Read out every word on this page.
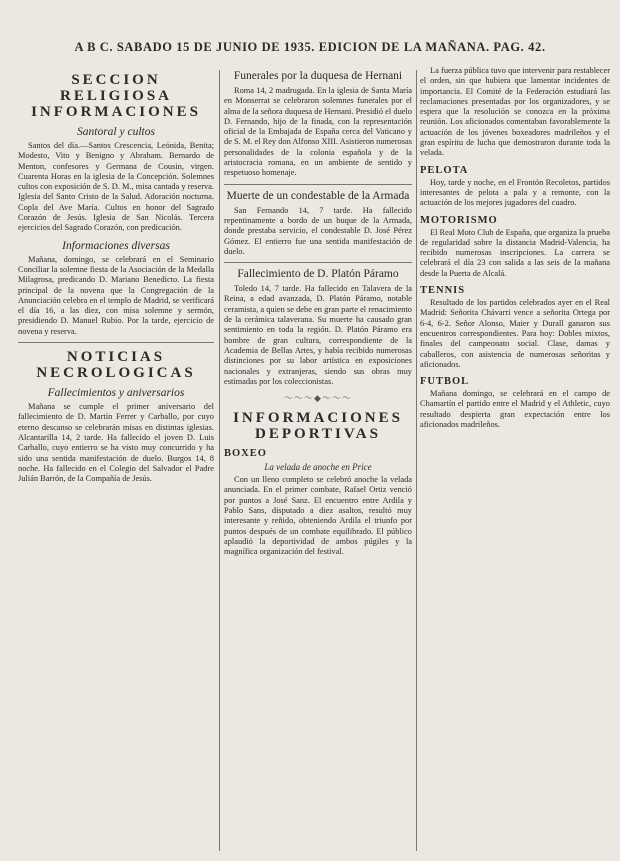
A B C. SABADO 15 DE JUNIO DE 1935. EDICION DE LA MAÑANA. PAG. 42.
SECCION RELIGIOSA INFORMACIONES
Santoral y cultos

Santos del día.—Santos Crescencia, Leónida, Benita; Modesto, Vito y Benigno y Abraham. Bernardo de Menton, confesores y Germana de Cousin, virgen. Cuarenta Horas en la iglesia de la Concepción. Solemnes cultos con exposición de S. D. M., misa cantada y reserva. Iglesia del Santo Cristo de la Salud. Adoración nocturna. Copla del Ave María. Cultos en honor del Sagrado Corazón de Jesús. Iglesia de San Nicolás. Tercera ejercicios del Sagrado Corazón, con predicación.

Informaciones diversas

Mañana, domingo, se celebrará en el Seminario Conciliar la solemne fiesta de la Asociación de la Medalla Milagrosa, predicando D. Mariano Benedicto. La fiesta principal de la novena que la Congregación de la Anunciación celebra en el templo de Madrid, se verificará el día 16, a las diez, con misa solemne y sermón, presidiendo D. Manuel Rubio. Por la tarde, ejercicio de novena y reserva.

NOTICIAS NECROLOGICAS
Fallecimientos y aniversarios

Mañana se cumple el primer aniversario del fallecimiento de D. Martín Ferrer y Carballo, por cuyo eterno descanso se celebrarán misas en distintas iglesias. Alcantarilla 14, 2 tarde. Ha fallecido el joven D. Luis Carballo, cuyo entierro se ha visto muy concurrido y ha sido una sentida manifestación de duelo. Burgos 14, 8 noche. Ha fallecido en el Colegio del Salvador el Padre Julián Barrón, de la Compañía de Jesús.

Funerales por la duquesa de Hernani

Roma 14, 2 madrugada. En la iglesia de Santa María en Monserrat se celebraron solemnes funerales por el alma de la señora duquesa de Hernani. Presidió el duelo D. Fernando, hijo de la finada, con la representación oficial de la Embajada de España cerca del Vaticano y de S. M. el Rey don Alfonso XIII. Asistieron numerosas personalidades de la colonia española y de la aristocracia romana, en un ambiente de sentido y respetuoso homenaje.

Muerte de un condestable de la Armada

San Fernando 14, 7 tarde. Ha fallecido repentinamente a bordo de un buque de la Armada, donde prestaba servicio, el condestable D. José Pérez Gómez. El entierro fue una sentida manifestación de duelo.

Fallecimiento de D. Platón Páramo

Toledo 14, 7 tarde. Ha fallecido en Talavera de la Reina, a edad avanzada, D. Platón Páramo, notable ceramista, a quien se debe en gran parte el renacimiento de la cerámica talaverana. Su muerte ha causado gran sentimiento en toda la región. D. Platón Páramo era hombre de gran cultura, correspondiente de la Academia de Bellas Artes, y había recibido numerosas distinciones por su labor artística en exposiciones nacionales y extranjeras, siendo sus obras muy estimadas por los coleccionistas.

〜〜〜◆〜〜〜
INFORMACIONES DEPORTIVAS
BOXEO
La velada de anoche en Price

Con un lleno completo se celebró anoche la velada anunciada. En el primer combate, Rafael Ortiz venció por puntos a José Sanz. El encuentro entre Ardila y Pablo Sans, disputado a diez asaltos, resultó muy interesante y reñido, obteniendo Ardila el triunfo por puntos después de un combate equilibrado. El público aplaudió la deportividad de ambos púgiles y la magnífica organización del festival.

La fuerza pública tuvo que intervenir para restablecer el orden, sin que hubiera que lamentar incidentes de importancia. El Comité de la Federación estudiará las reclamaciones presentadas por los organizadores, y se espera que la resolución se conozca en la próxima reunión. Los aficionados comentaban favorablemente la actuación de los jóvenes boxeadores madrileños y el gran espíritu de lucha que demostraron durante toda la velada.

PELOTA

Hoy, tarde y noche, en el Frontón Recoletos, partidos interesantes de pelota a pala y a remonte, con la actuación de los mejores jugadores del cuadro.

MOTORISMO

El Real Moto Club de España, que organiza la prueba de regularidad sobre la distancia Madrid-Valencia, ha recibido numerosas inscripciones. La carrera se celebrará el día 23 con salida a las seis de la mañana desde la Puerta de Alcalá.

TENNIS

Resultado de los partidos celebrados ayer en el Real Madrid: Señorita Chávarri vence a señorita Ortega por 6-4, 6-2. Señor Alonso, Maier y Durall ganaron sus encuentros correspondientes. Para hoy: Dobles mixtos, finales del campeonato social. Clase, damas y caballeros, con asistencia de numerosas señoritas y aficionados.

FUTBOL

Mañana domingo, se celebrará en el campo de Chamartín el partido entre el Madrid y el Athletic, cuyo resultado despierta gran expectación entre los aficionados madrileños.
